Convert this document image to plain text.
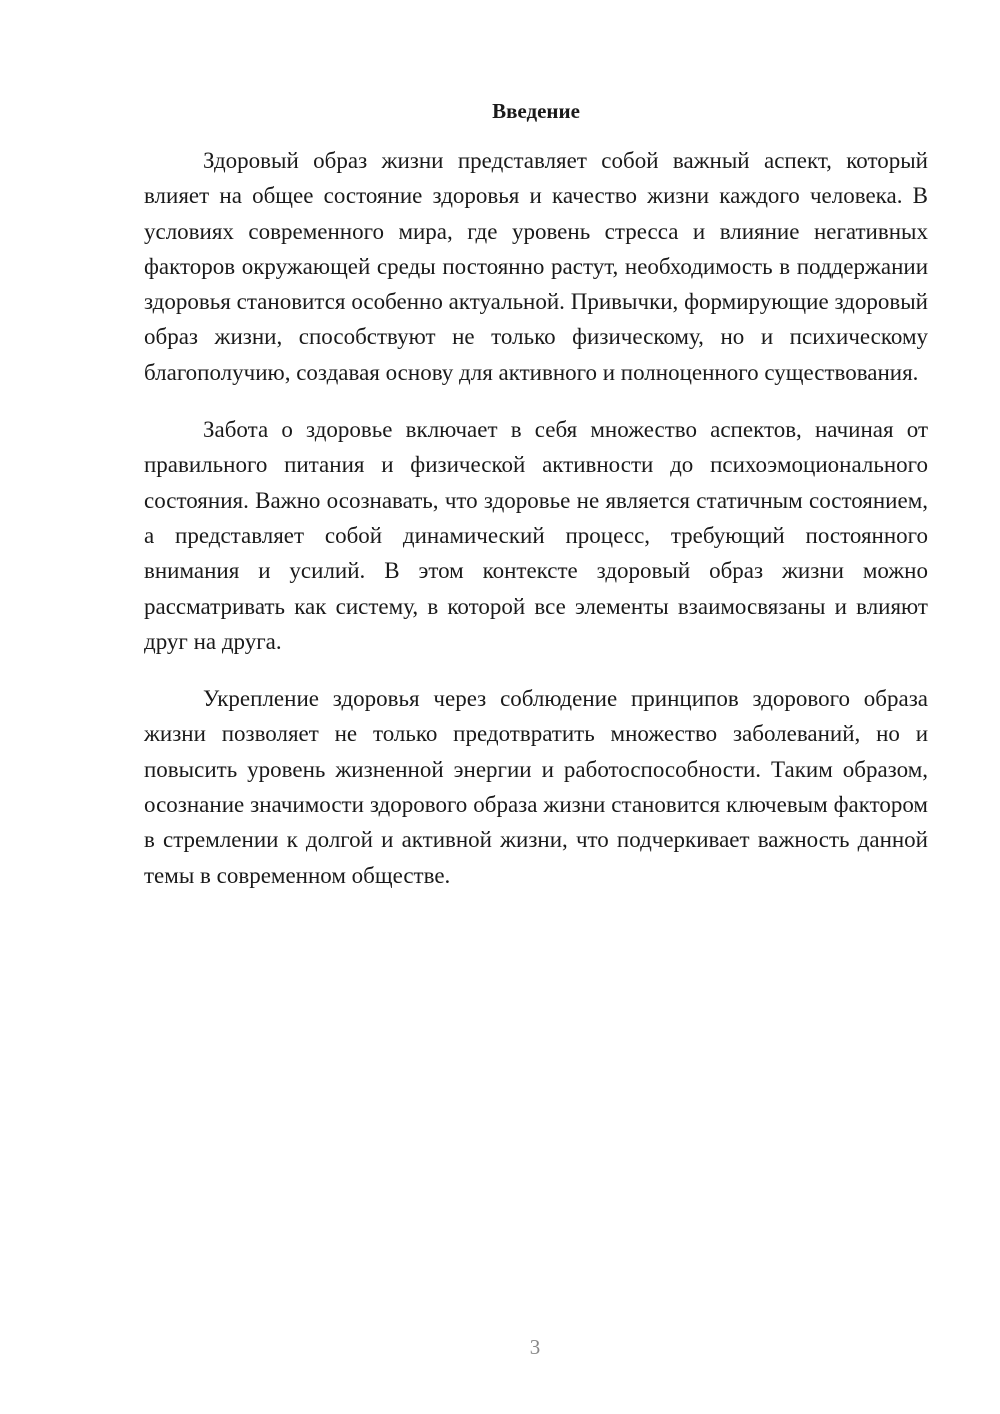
Введение

Здоровый образ жизни представляет собой важный аспект, который влияет на общее состояние здоровья и качество жизни каждого человека. В условиях современного мира, где уровень стресса и влияние негативных факторов окружающей среды постоянно растут, необходимость в поддержании здоровья становится особенно актуальной. Привычки, формирующие здоровый образ жизни, способствуют не только физическому, но и психическому благополучию, создавая основу для активного и полноценного существования.

Забота о здоровье включает в себя множество аспектов, начиная от правильного питания и физической активности до психоэмоционального состояния. Важно осознавать, что здоровье не является статичным состоянием, а представляет собой динамический процесс, требующий постоянного внимания и усилий. В этом контексте здоровый образ жизни можно рассматривать как систему, в которой все элементы взаимосвязаны и влияют друг на друга.

Укрепление здоровья через соблюдение принципов здорового образа жизни позволяет не только предотвратить множество заболеваний, но и повысить уровень жизненной энергии и работоспособности. Таким образом, осознание значимости здорового образа жизни становится ключевым фактором в стремлении к долгой и активной жизни, что подчеркивает важность данной темы в современном обществе.

3
